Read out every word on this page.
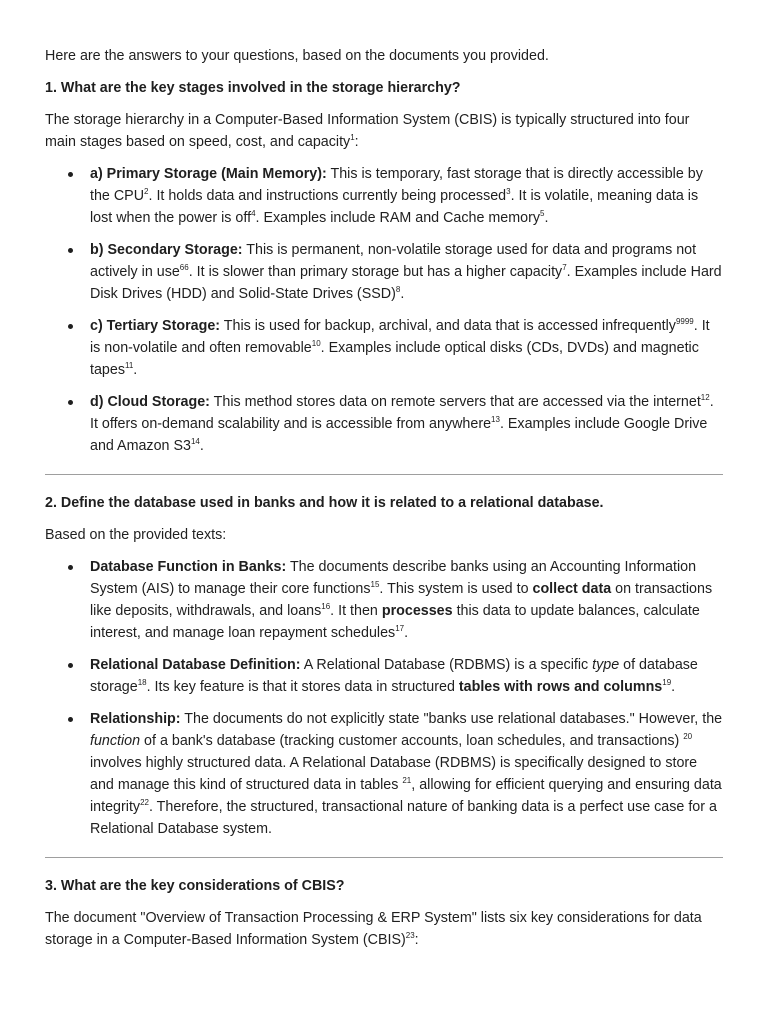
Here are the answers to your questions, based on the documents you provided.

1. What are the key stages involved in the storage hierarchy?

The storage hierarchy in a Computer-Based Information System (CBIS) is typically structured into four main stages based on speed, cost, and capacity$^1$:

a) Primary Storage (Main Memory): This is temporary, fast storage that is directly accessible by the CPU$^2$. It holds data and instructions currently being processed$^3$. It is volatile, meaning data is lost when the power is off$^4$. Examples include RAM and Cache memory$^5$.
b) Secondary Storage: This is permanent, non-volatile storage used for data and programs not actively in use$^{66}$. It is slower than primary storage but has a higher capacity$^7$. Examples include Hard Disk Drives (HDD) and Solid-State Drives (SSD)$^8$.
c) Tertiary Storage: This is used for backup, archival, and data that is accessed infrequently$^{9999}$. It is non-volatile and often removable$^{10}$. Examples include optical disks (CDs, DVDs) and magnetic tapes$^{11}$.
d) Cloud Storage: This method stores data on remote servers that are accessed via the internet$^{12}$. It offers on-demand scalability and is accessible from anywhere$^{13}$. Examples include Google Drive and Amazon $S3^{14}$.

2. Define the database used in banks and how it is related to a relational database.

Based on the provided texts:

Database Function in Banks: The documents describe banks using an Accounting Information System (AIS) to manage their core functions$^{15}$. This system is used to collect data on transactions like deposits, withdrawals, and loans$^{16}$. It then processes this data to update balances, calculate interest, and manage loan repayment schedules$^{17}$.
Relational Database Definition: A Relational Database (RDBMS) is a specific type of database storage$^{18}$. Its key feature is that it stores data in structured tables with rows and columns$^{19}$.
Relationship: The documents do not explicitly state "banks use relational databases." However, the function of a bank's database (tracking customer accounts, loan schedules, and transactions) $^{20}$ involves highly structured data. A Relational Database (RDBMS) is specifically designed to store and manage this kind of structured data in tables $^{21}$, allowing for efficient querying and ensuring data integrity$^{22}$. Therefore, the structured, transactional nature of banking data is a perfect use case for a Relational Database system.

3. What are the key considerations of CBIS?

The document "Overview of Transaction Processing & ERP System" lists six key considerations for data storage in a Computer-Based Information System (CBIS)$^{23}$:
